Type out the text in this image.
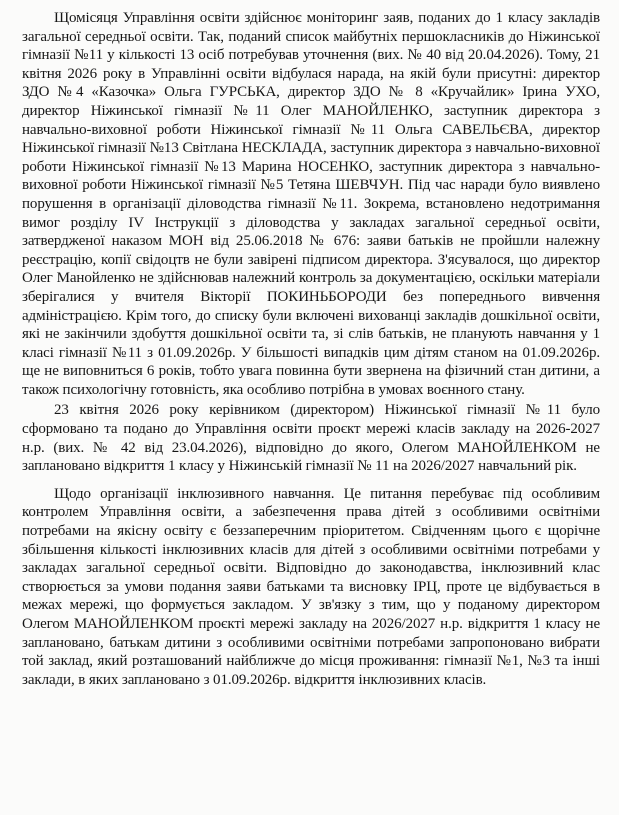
Щомісяця Управління освіти здійснює моніторинг заяв, поданих до 1 класу закладів загальної середньої освіти. Так, поданий список майбутніх першокласників до Ніжинської гімназії №11 у кількості 13 осіб потребував уточнення (вих. № 40 від 20.04.2026). Тому, 21 квітня 2026 року в Управлінні освіти відбулася нарада, на якій були присутні: директор ЗДО №4 «Казочка» Ольга ГУРСЬКА, директор ЗДО № 8 «Кручайлик» Ірина УХО, директор Ніжинської гімназії №11 Олег МАНОЙЛЕНКО, заступник директора з навчально-виховної роботи Ніжинської гімназії №11 Ольга САВЕЛЬЄВА, директор Ніжинської гімназії №13 Світлана НЕСКЛАДА, заступник директора з навчально-виховної роботи Ніжинської гімназії №13 Марина НОСЕНКО, заступник директора з навчально-виховної роботи Ніжинської гімназії №5 Тетяна ШЕВЧУН. Під час наради було виявлено порушення в організації діловодства гімназії №11. Зокрема, встановлено недотримання вимог розділу IV Інструкції з діловодства у закладах загальної середньої освіти, затвердженої наказом МОН від 25.06.2018 № 676: заяви батьків не пройшли належну реєстрацію, копії свідоцтв не були завірені підписом директора. З'ясувалося, що директор Олег Манойленко не здійснював належний контроль за документацією, оскільки матеріали зберігалися у вчителя Вікторії ПОКИНЬБОРОДИ без попереднього вивчення адміністрацією. Крім того, до списку були включені вихованці закладів дошкільної освіти, які не закінчили здобуття дошкільної освіти та, зі слів батьків, не планують навчання у 1 класі гімназії №11 з 01.09.2026р. У більшості випадків цим дітям станом на 01.09.2026р. ще не виповниться 6 років, тобто увага повинна бути звернена на фізичний стан дитини, а також психологічну готовність, яка особливо потрібна в умовах воєнного стану.

23 квітня 2026 року керівником (директором) Ніжинської гімназії №11 було сформовано та подано до Управління освіти проєкт мережі класів закладу на 2026-2027 н.р. (вих. № 42 від 23.04.2026), відповідно до якого, Олегом МАНОЙЛЕНКОМ не заплановано відкриття 1 класу у Ніжинській гімназії № 11 на 2026/2027 навчальний рік.

Щодо організації інклюзивного навчання. Це питання перебуває під особливим контролем Управління освіти, а забезпечення права дітей з особливими освітніми потребами на якісну освіту є беззаперечним пріоритетом. Свідченням цього є щорічне збільшення кількості інклюзивних класів для дітей з особливими освітніми потребами у закладах загальної середньої освіти. Відповідно до законодавства, інклюзивний клас створюється за умови подання заяви батьками та висновку ІРЦ, проте це відбувається в межах мережі, що формується закладом. У зв'язку з тим, що у поданому директором Олегом МАНОЙЛЕНКОМ проєкті мережі закладу на 2026/2027 н.р. відкриття 1 класу не заплановано, батькам дитини з особливими освітніми потребами запропоновано вибрати той заклад, який розташований найближче до місця проживання: гімназії №1, №3 та інші заклади, в яких заплановано з 01.09.2026р. відкриття інклюзивних класів.
